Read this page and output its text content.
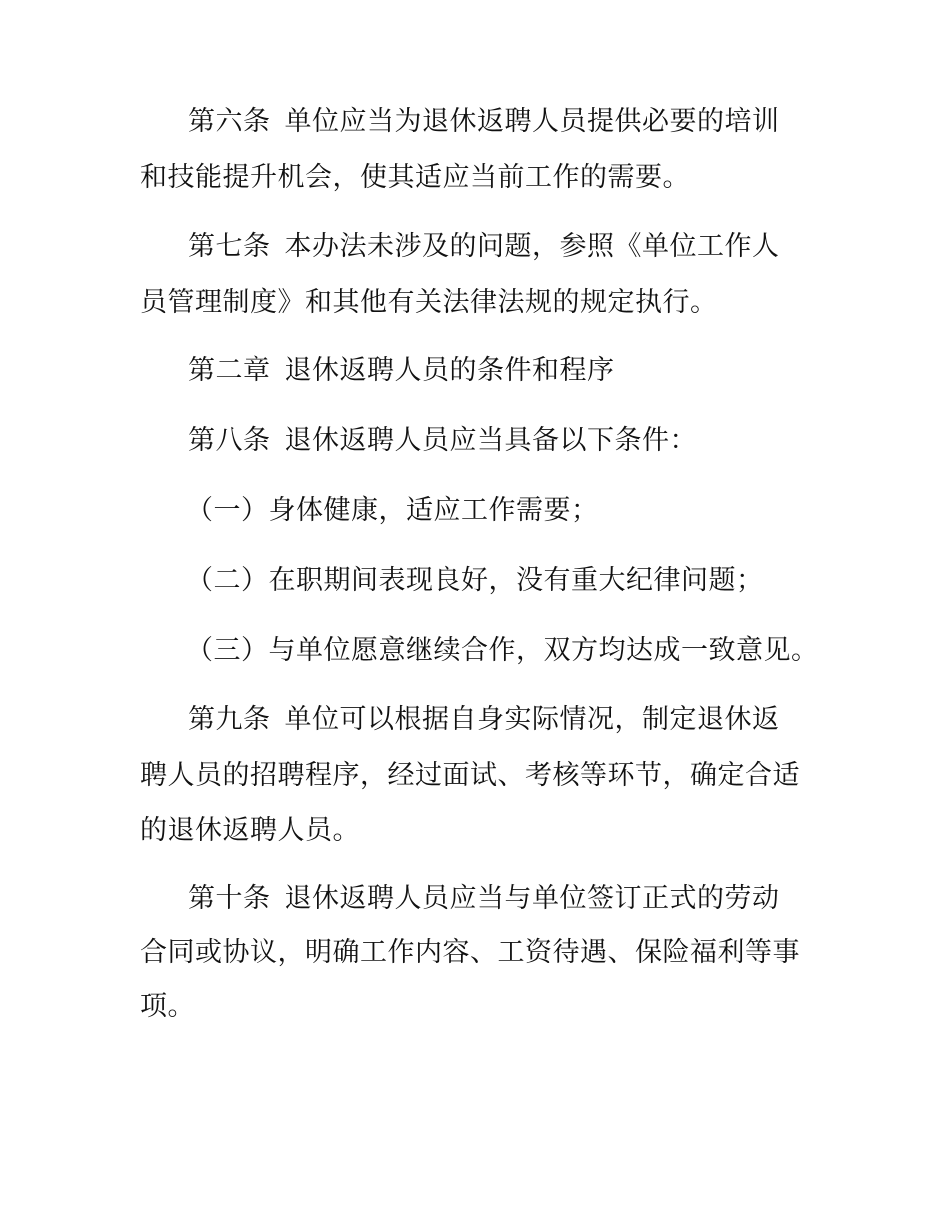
第六条 单位应当为退休返聘人员提供必要的培训
和技能提升机会，使其适应当前工作的需要。
第七条 本办法未涉及的问题，参照《单位工作人
员管理制度》和其他有关法律法规的规定执行。
第二章 退休返聘人员的条件和程序
第八条 退休返聘人员应当具备以下条件：
（一）身体健康，适应工作需要；
（二）在职期间表现良好，没有重大纪律问题；
（三）与单位愿意继续合作，双方均达成一致意见。
第九条 单位可以根据自身实际情况，制定退休返
聘人员的招聘程序，经过面试、考核等环节，确定合适
的退休返聘人员。
第十条 退休返聘人员应当与单位签订正式的劳动
合同或协议，明确工作内容、工资待遇、保险福利等事
项。
